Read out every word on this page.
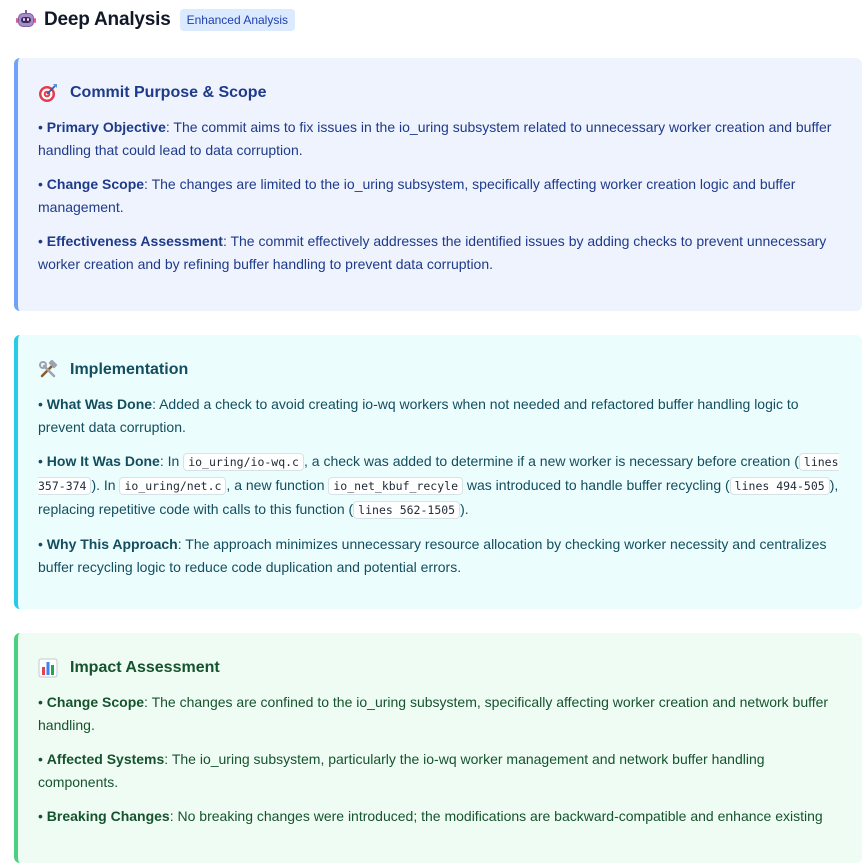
Deep Analysis	Enhanced Analysis
Commit Purpose & Scope

• Primary Objective: The commit aims to fix issues in the io_uring subsystem related to unnecessary worker creation and buffer handling that could lead to data corruption.

• Change Scope: The changes are limited to the io_uring subsystem, specifically affecting worker creation logic and buffer management.

• Effectiveness Assessment: The commit effectively addresses the identified issues by adding checks to prevent unnecessary worker creation and by refining buffer handling to prevent data corruption.

Implementation

• What Was Done: Added a check to avoid creating io-wq workers when not needed and refactored buffer handling logic to prevent data corruption.

• How It Was Done: In io_uring/io-wq.c , a check was added to determine if a new worker is necessary before creation ( lines 357-374 ). In io_uring/net.c , a new function io_net_kbuf_recyle was introduced to handle buffer recycling ( lines 494-505 ), replacing repetitive code with calls to this function ( lines 562-1505 ).

• Why This Approach: The approach minimizes unnecessary resource allocation by checking worker necessity and centralizes buffer recycling logic to reduce code duplication and potential errors.

Impact Assessment

• Change Scope: The changes are confined to the io_uring subsystem, specifically affecting worker creation and network buffer handling.

• Affected Systems: The io_uring subsystem, particularly the io-wq worker management and network buffer handling components.

• Breaking Changes: No breaking changes were introduced; the modifications are backward-compatible and enhance existing
